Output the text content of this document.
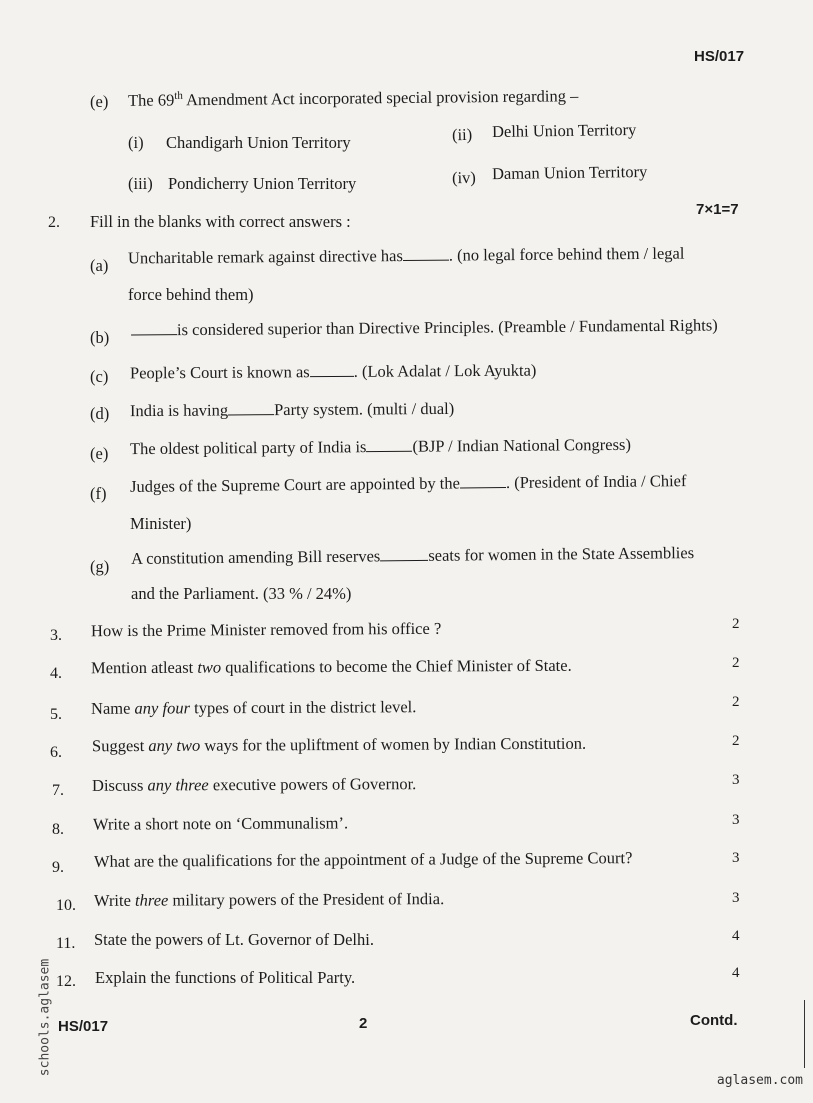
HS/017
(e) The 69th Amendment Act incorporated special provision regarding –
(i) Chandigarh Union Territory	(ii) Delhi Union Territory
(iii) Pondicherry Union Territory	(iv) Daman Union Territory
7×1=7
2. Fill in the blanks with correct answers :
(a) Uncharitable remark against directive has	. (no legal force behind them / legal
force behind them)
(b)	is considered superior than Directive Principles. (Preamble / Fundamental Rights)
(c) People’s Court is known as	. (Lok Adalat / Lok Ayukta)
(d) India is having	Party system. (multi / dual)
(e) The oldest political party of India is	(BJP / Indian National Congress)
(f) Judges of the Supreme Court are appointed by the	. (President of India / Chief
Minister)
(g) A constitution amending Bill reserves	seats for women in the State Assemblies
and the Parliament. (33 % / 24%)
3. How is the Prime Minister removed from his office ?	2
4. Mention atleast two qualifications to become the Chief Minister of State.	2
5. Name any four types of court in the district level.	2
6. Suggest any two ways for the upliftment of women by Indian Constitution.	2
7. Discuss any three executive powers of Governor.	3
8. Write a short note on ‘Communalism’.	3
9. What are the qualifications for the appointment of a Judge of the Supreme Court?	3
10. Write three military powers of the President of India.	3
11. State the powers of Lt. Governor of Delhi.	4
12. Explain the functions of Political Party.	4
HS/017	2	Contd.
schools.aglasem
aglasem.com
